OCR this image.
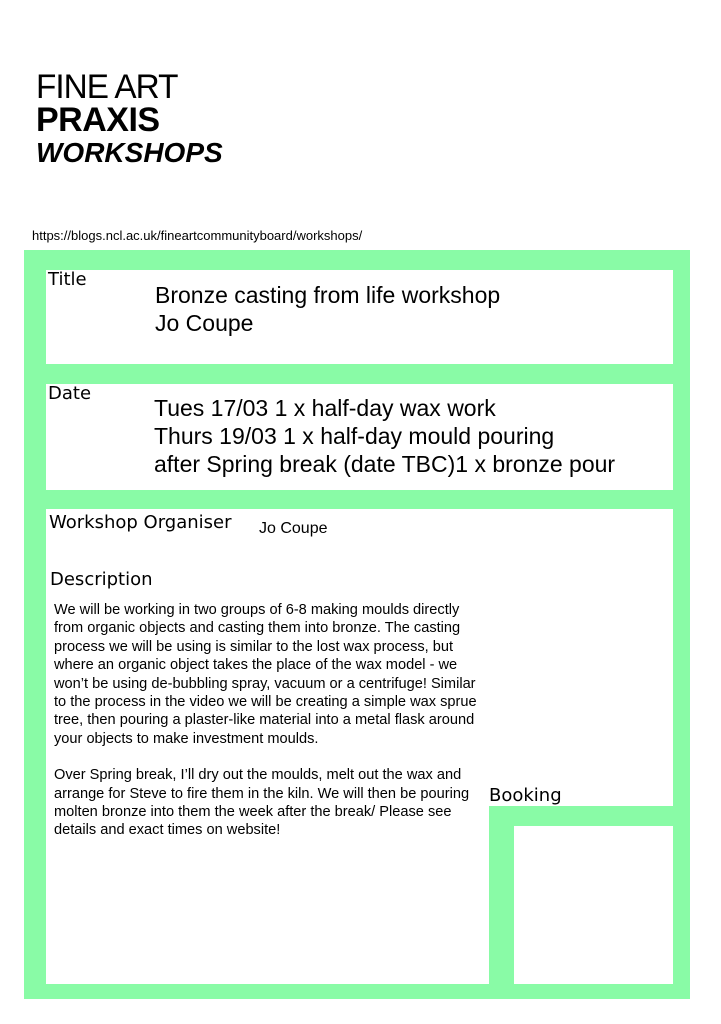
FINE ART
PRAXIS
WORKSHOPS
https://blogs.ncl.ac.uk/fineartcommunityboard/workshops/
Title
Bronze casting from life workshop
Jo Coupe
Date
Tues 17/03 1 x half-day wax work
Thurs 19/03 1 x half-day mould pouring
after Spring break (date TBC)1 x bronze pour
Workshop Organiser Jo Coupe
Description

We will be working in two groups of 6-8 making moulds directly from organic objects and casting them into bronze. The casting process we will be using is similar to the lost wax process, but where an organic object takes the place of the wax model - we won’t be using de-bubbling spray, vacuum or a centrifuge! Similar to the process in the video we will be creating a simple wax sprue tree, then pouring a plaster-like material into a metal flask around your objects to make investment moulds.

Over Spring break, I’ll dry out the moulds, melt out the wax and arrange for Steve to fire them in the kiln. We will then be pouring molten bronze into them the week after the break/ Please see details and exact times on website!

Booking
